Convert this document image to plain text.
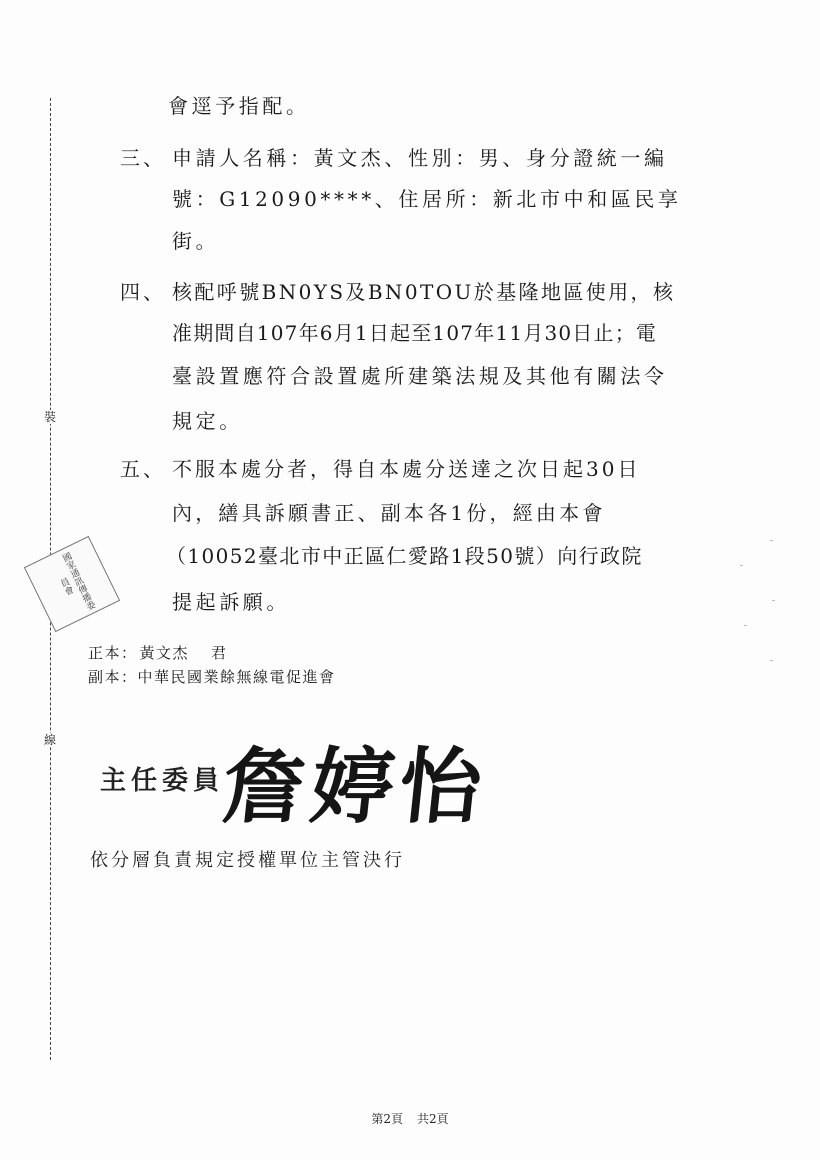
裝
線
國家通訊傳播委員會
會逕予指配。
三、 申請人名稱：黃文杰、性別：男、身分證統一編
號：G12090****、住居所：新北市中和區民享
街。
四、 核配呼號BN0YS及BN0TOU於基隆地區使用，核
准期間自107年6月1日起至107年11月30日止；電
臺設置應符合設置處所建築法規及其他有關法令
規定。
五、 不服本處分者，得自本處分送達之次日起30日
內，繕具訴願書正、副本各1份，經由本會
（10052臺北市中正區仁愛路1段50號）向行政院
提起訴願。
正本： 黃文杰 君
副本：中華民國業餘無線電促進會
主任委員
詹婷怡
依分層負責規定授權單位主管決行
第2頁 共2頁
